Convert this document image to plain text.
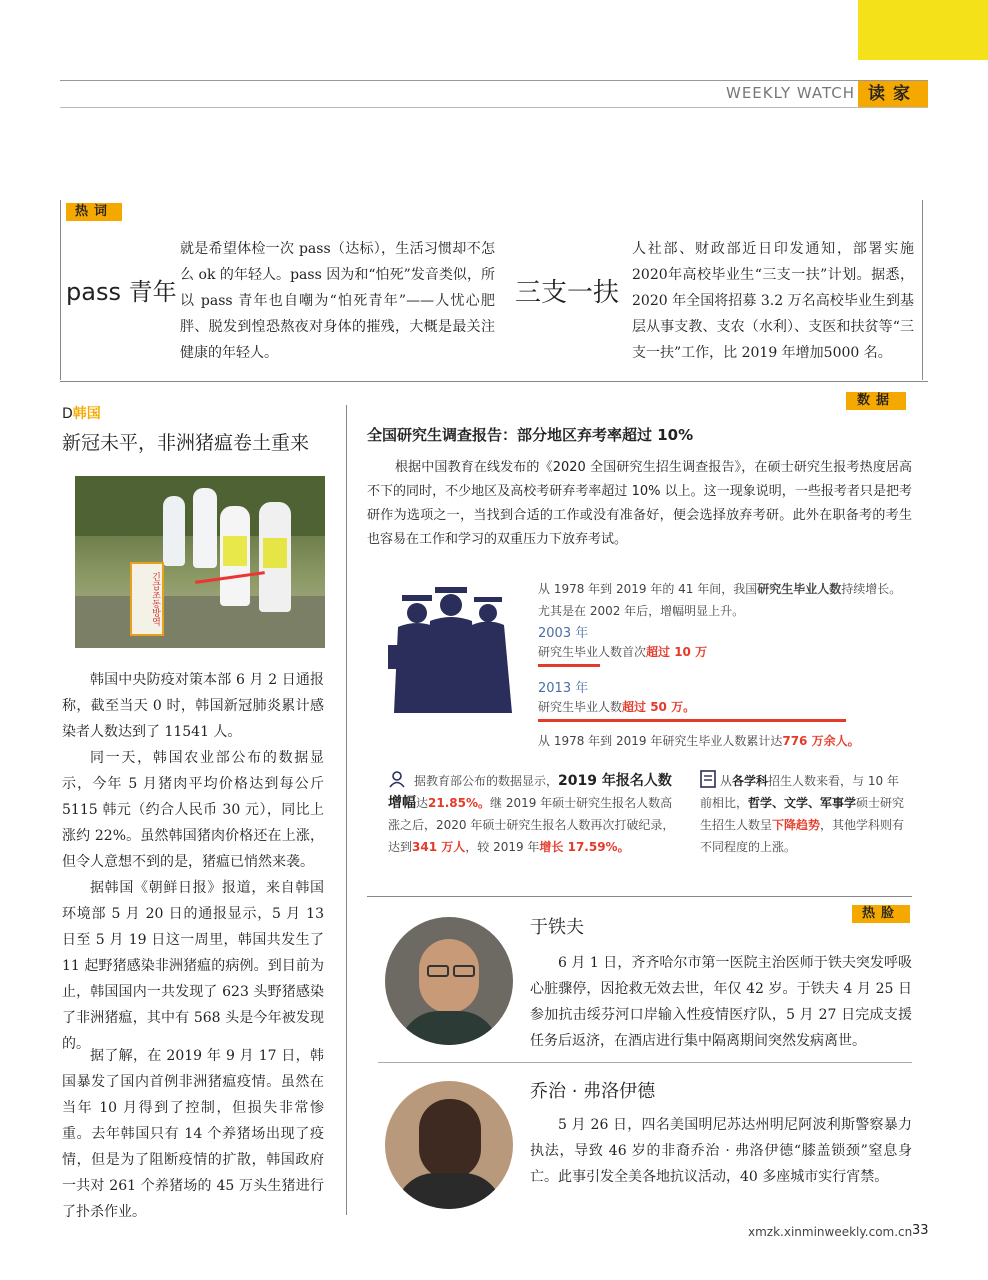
WEEKLY WATCH 读家
热词
pass 青年
就是希望体检一次 pass（达标），生活习惯却不怎么 ok 的年轻人。pass 因为和“怕死”发音类似，所以 pass 青年也自嘲为“怕死青年”——人忧心肥胖、脱发到惶恐熬夜对身体的摧残，大概是最关注健康的年轻人。
三支一扶
人社部、财政部近日印发通知，部署实施2020年高校毕业生“三支一扶”计划。据悉，2020 年全国将招募 3.2 万名高校毕业生到基层从事支教、支农（水利）、支医和扶贫等“三支一扶”工作，比 2019 年增加5000 名。
D韩国
新冠未平，非洲猪瘟卷土重来
긴급초동방역
韩国中央防疫对策本部 6 月 2 日通报称，截至当天 0 时，韩国新冠肺炎累计感染者人数达到了 11541 人。
同一天，韩国农业部公布的数据显示，今年 5 月猪肉平均价格达到每公斤 5115 韩元（约合人民币 30 元），同比上涨约 22%。虽然韩国猪肉价格还在上涨，但令人意想不到的是，猪瘟已悄然来袭。
据韩国《朝鲜日报》报道，来自韩国环境部 5 月 20 日的通报显示，5 月 13 日至 5 月 19 日这一周里，韩国共发生了 11 起野猪感染非洲猪瘟的病例。到目前为止，韩国国内一共发现了 623 头野猪感染了非洲猪瘟，其中有 568 头是今年被发现的。
据了解，在 2019 年 9 月 17 日，韩国暴发了国内首例非洲猪瘟疫情。虽然在当年 10 月得到了控制，但损失非常惨重。去年韩国只有 14 个养猪场出现了疫情，但是为了阻断疫情的扩散，韩国政府一共对 261 个养猪场的 45 万头生猪进行了扑杀作业。
数据
全国研究生调查报告：部分地区弃考率超过 10%
根据中国教育在线发布的《2020 全国研究生招生调查报告》，在硕士研究生报考热度居高不下的同时，不少地区及高校考研弃考率超过 10% 以上。这一现象说明，一些报考者只是把考研作为选项之一，当找到合适的工作或没有准备好，便会选择放弃考研。此外在职备考的考生也容易在工作和学习的双重压力下放弃考试。
从 1978 年到 2019 年的 41 年间，我国研究生毕业人数持续增长。尤其是在 2002 年后，增幅明显上升。
2003 年
研究生毕业人数首次超过 10 万
2013 年
研究生毕业人数超过 50 万。
从 1978 年到 2019 年研究生毕业人数累计达776 万余人。
据教育部公布的数据显示，2019 年报名人数增幅达21.85%。继 2019 年硕士研究生报名人数高涨之后，2020 年硕士研究生报名人数再次打破纪录，达到341 万人，较 2019 年增长 17.59%。
从各学科招生人数来看，与 10 年前相比，哲学、文学、军事学硕士研究生招生人数呈下降趋势，其他学科则有不同程度的上涨。
热脸
于铁夫
6 月 1 日，齐齐哈尔市第一医院主治医师于铁夫突发呼吸心脏骤停，因抢救无效去世，年仅 42 岁。于铁夫 4 月 25 日参加抗击绥芬河口岸输入性疫情医疗队，5 月 27 日完成支援任务后返济，在酒店进行集中隔离期间突然发病离世。
乔治 · 弗洛伊德
5 月 26 日，四名美国明尼苏达州明尼阿波利斯警察暴力执法，导致 46 岁的非裔乔治 · 弗洛伊德“膝盖锁颈”窒息身亡。此事引发全美各地抗议活动，40 多座城市实行宵禁。
xmzk.xinminweekly.com.cn 33
